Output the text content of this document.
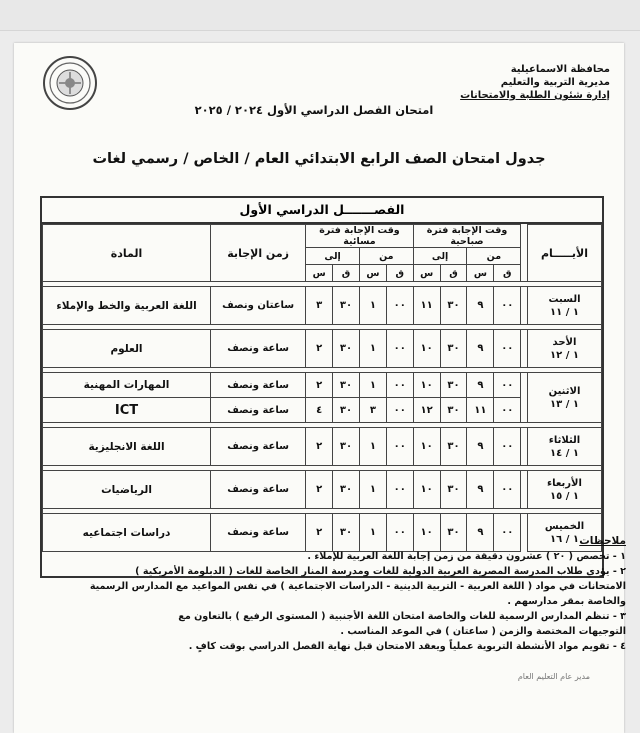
محافظة الاسماعيلية
مديرية التربية والتعليم
إدارة شئون الطلبة والامتحانات
امتحان الفصل الدراسي الأول ٢٠٢٤ / ٢٠٢٥
جدول امتحان الصف الرابع الابتدائي العام / الخاص / رسمي لغات
الفصـــــــل الدراسي الأول
المادة	زمن الإجابة	وقت الإجابة فترة مسائية				وقت الإجابة فترة صباحية					الأيـــــام
		إلى		من		إلى		من			
		س	ق	س	ق	س	ق	س	ق		

اللغة العربية والخط والإملاء	ساعتان ونصف	٣	٣٠	١	٠٠	١١	٣٠	٩	٠٠		السبت
١ / ١١

العلوم	ساعة ونصف	٢	٣٠	١	٠٠	١٠	٣٠	٩	٠٠		الأحد
١ / ١٢

المهارات المهنية	ساعة ونصف	٢	٣٠	١	٠٠	١٠	٣٠	٩	٠٠		الاثنين
١ / ١٣

ICT	ساعة ونصف	٤	٣٠	٣	٠٠	١٢	٣٠	١١	٠٠		

اللغة الانجليزية	ساعة ونصف	٢	٣٠	١	٠٠	١٠	٣٠	٩	٠٠		الثلاثاء
١ / ١٤

الرياضيات	ساعة ونصف	٢	٣٠	١	٠٠	١٠	٣٠	٩	٠٠		الأربعاء
١ / ١٥

دراسات اجتماعيه	ساعة ونصف	٢	٣٠	١	٠٠	١٠	٣٠	٩	٠٠		الخميس
١ / ١٦ ملاحظات
١ - تخصص ( ٢٠ ) عشرون دقيقة من زمن إجابة اللغة العربية للإملاء .
٢ - يؤدي طلاب المدرسة المصرية العربية الدولية للغات ومدرسة المنار الخاصة للغات ( الدبلومة الأمريكية )
الامتحانات في مواد ( اللغة العربية - التربية الدينية - الدراسات الاجتماعية ) في نفس المواعيد مع المدارس الرسمية
والخاصة بمقر مدارسهم .
٣ - تنظم المدارس الرسمية للغات والخاصة امتحان اللغة الأجنبية ( المستوى الرفيع ) بالتعاون مع
التوجيهات المختصة والزمن ( ساعتان ) في الموعد المناسب .
٤ - تقويم مواد الأنشطة التربوية عملياً ويعقد الامتحان قبل نهاية الفصل الدراسي بوقت كافٍ .
مدير عام التعليم العام
